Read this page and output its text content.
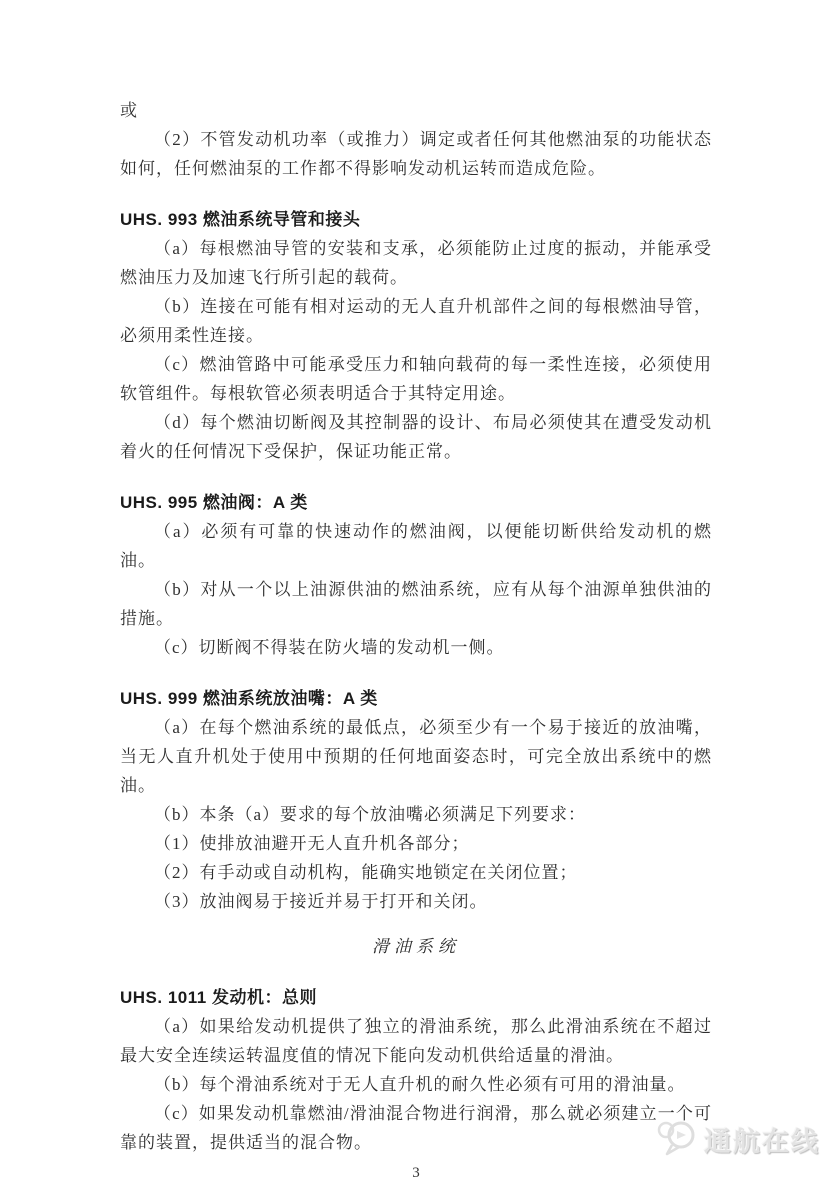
或

（2）不管发动机功率（或推力）调定或者任何其他燃油泵的功能状态如何，任何燃油泵的工作都不得影响发动机运转而造成危险。

UHS. 993 燃油系统导管和接头

（a）每根燃油导管的安装和支承，必须能防止过度的振动，并能承受燃油压力及加速飞行所引起的载荷。

（b）连接在可能有相对运动的无人直升机部件之间的每根燃油导管，必须用柔性连接。

（c）燃油管路中可能承受压力和轴向载荷的每一柔性连接，必须使用软管组件。每根软管必须表明适合于其特定用途。

（d）每个燃油切断阀及其控制器的设计、布局必须使其在遭受发动机着火的任何情况下受保护，保证功能正常。

UHS. 995 燃油阀：A 类

（a）必须有可靠的快速动作的燃油阀，以便能切断供给发动机的燃油。

（b）对从一个以上油源供油的燃油系统，应有从每个油源单独供油的措施。

（c）切断阀不得装在防火墙的发动机一侧。

UHS. 999 燃油系统放油嘴：A 类

（a）在每个燃油系统的最低点，必须至少有一个易于接近的放油嘴，当无人直升机处于使用中预期的任何地面姿态时，可完全放出系统中的燃油。

（b）本条（a）要求的每个放油嘴必须满足下列要求：

（1）使排放油避开无人直升机各部分；

（2）有手动或自动机构，能确实地锁定在关闭位置；

（3）放油阀易于接近并易于打开和关闭。

滑油系统

UHS. 1011 发动机：总则

（a）如果给发动机提供了独立的滑油系统，那么此滑油系统在不超过最大安全连续运转温度值的情况下能向发动机供给适量的滑油。

（b）每个滑油系统对于无人直升机的耐久性必须有可用的滑油量。

（c）如果发动机靠燃油/滑油混合物进行润滑，那么就必须建立一个可靠的装置，提供适当的混合物。

3

通航在线
